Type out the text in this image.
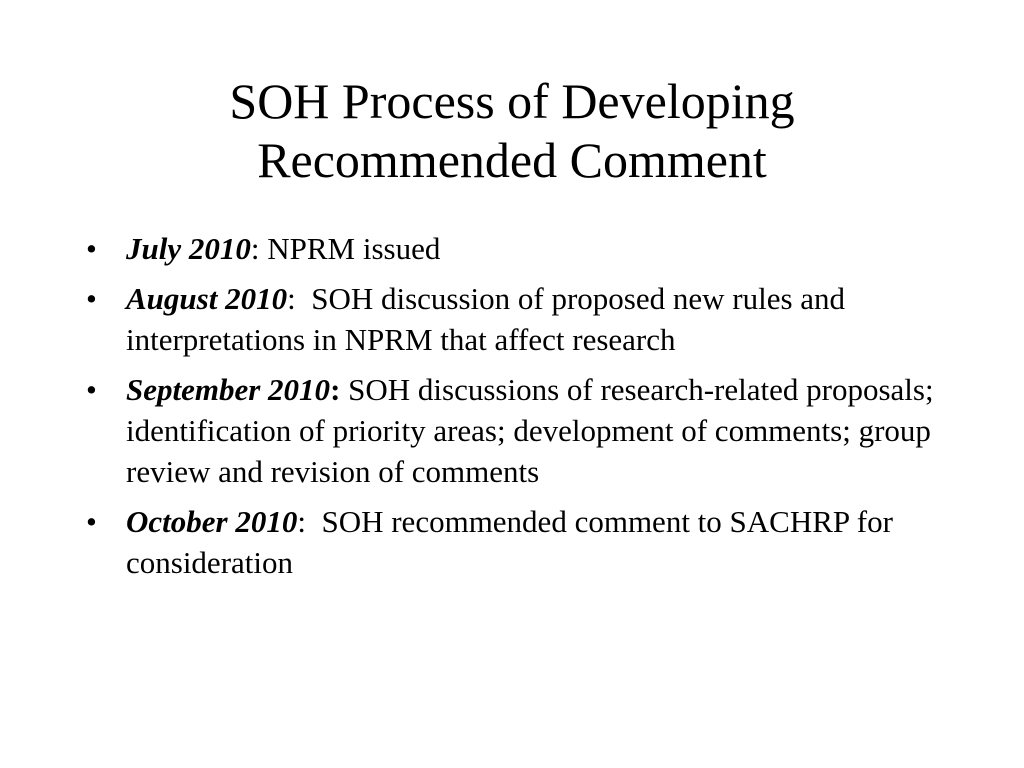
SOH Process of Developing
Recommended Comment
• July 2010: NPRM issued
• August 2010:  SOH discussion of proposed new rules and interpretations in NPRM that affect research
• September 2010: SOH discussions of research-related proposals; identification of priority areas; development of comments; group review and revision of comments
• October 2010:  SOH recommended comment to SACHRP for consideration
